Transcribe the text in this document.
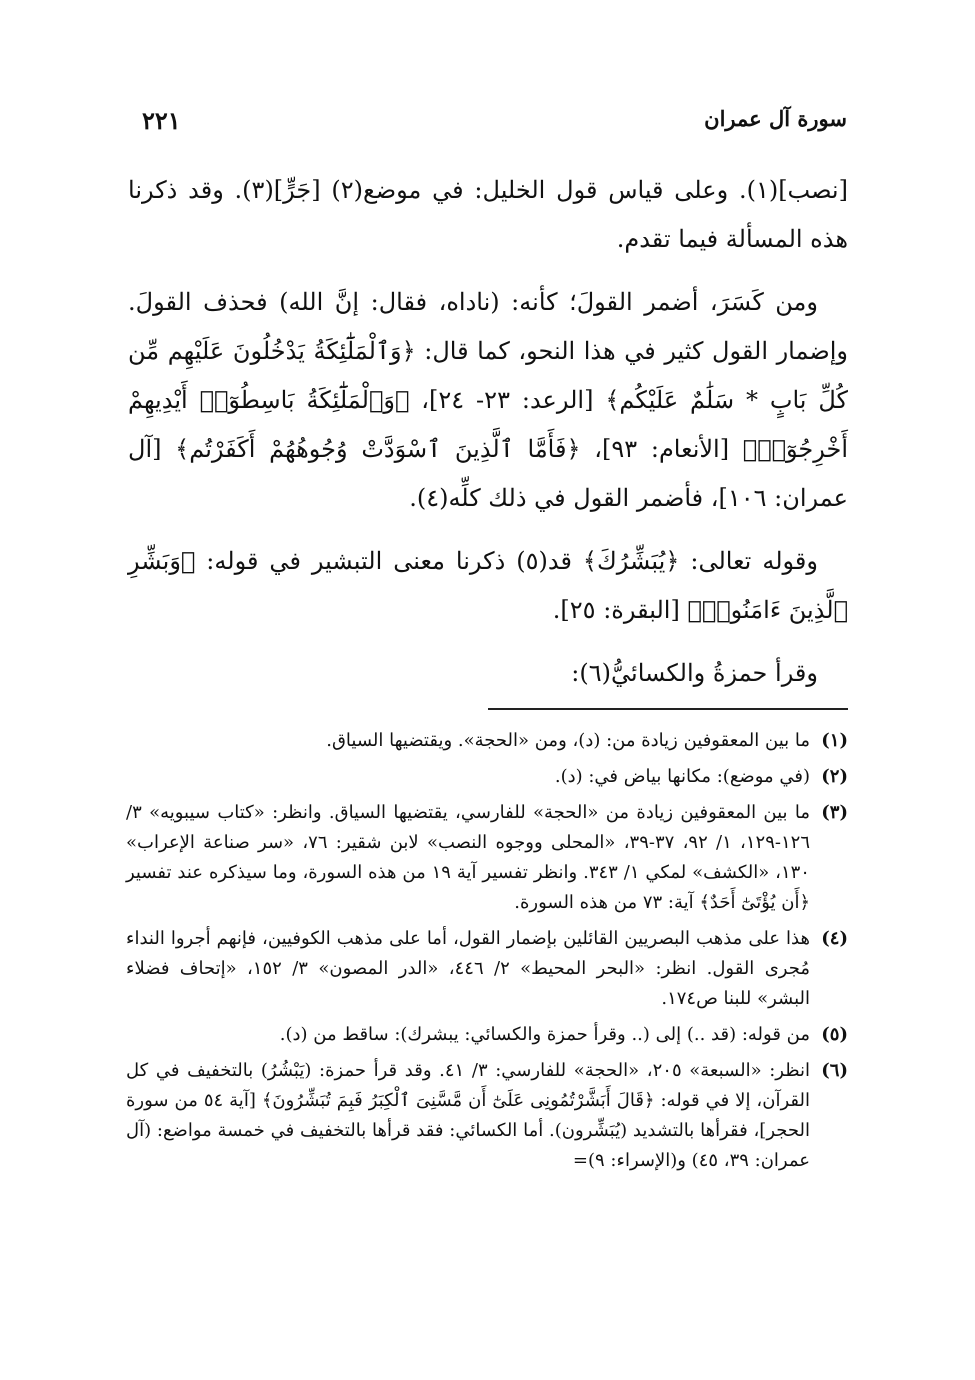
سورة آل عمران
٢٢١

[نصب](١). وعلى قياس قول الخليل: في موضع(٢) [جَرٍّ](٣). وقد ذكرنا هذه المسألة فيما تقدم.

ومن كَسَرَ، أضمر القولَ؛ كأنه: (ناداه، فقال: إنَّ الله) فحذف القولَ. وإضمار القول كثير في هذا النحو، كما قال: ﴿وَٱلْمَلَٰٓئِكَةُ يَدْخُلُونَ عَلَيْهِم مِّن كُلِّ بَابٍ * سَلَٰمٌ عَلَيْكُم﴾ [الرعد: ٢٣- ٢٤]، ﴿وَٱلْمَلَٰٓئِكَةُ بَاسِطُوٓا۟ أَيْدِيهِمْ أَخْرِجُوٓا۟﴾ [الأنعام: ٩٣]، ﴿فَأَمَّا ٱلَّذِينَ ٱسْوَدَّتْ وُجُوهُهُمْ أَكَفَرْتُم﴾ [آل عمران: ١٠٦]، فأضمر القول في ذلك كلِّه(٤).

وقوله تعالى: ﴿يُبَشِّرُكَ﴾ قد(٥) ذكرنا معنى التبشير في قوله: ﴿وَبَشِّرِ ٱلَّذِينَ ءَامَنُوا۟﴾ [البقرة: ٢٥].

وقرأ حمزةُ والكسائيُّ(٦):

(١)
ما بين المعقوفين زيادة من: (د)، ومن «الحجة». ويقتضيها السياق.
(٢)
(في موضع): مكانها بياض في: (د).
(٣)
ما بين المعقوفين زيادة من «الحجة» للفارسي، يقتضيها السياق. وانظر: «كتاب سيبويه» ٣/ ١٢٦-١٢٩، ١/ ٩٢، ٣٧-٣٩، «المحلى ووجوه النصب» لابن شقير: ٧٦، «سر صناعة الإعراب» ١٣٠، «الكشف» لمكي ١/ ٣٤٣. وانظر تفسير آية ١٩ من هذه السورة، وما سيذكره عند تفسير ﴿أَن يُؤْتَىٰٓ أَحَدٌ﴾ آية: ٧٣ من هذه السورة.
(٤)
هذا على مذهب البصريين القائلين بإضمار القول، أما على مذهب الكوفيين، فإنهم أجروا النداء مُجرى القول. انظر: «البحر المحيط» ٢/ ٤٤٦، «الدر المصون» ٣/ ١٥٢، «إتحاف فضلاء البشر» للبنا ص١٧٤.
(٥)
من قوله: (قد ..) إلى (.. وقرأ حمزة والكسائي: يبشرك): ساقط من (د).
(٦)
انظر: «السبعة» ٢٠٥، «الحجة» للفارسي: ٣/ ٤١. وقد قرأ حمزة: (يَبْشُرُ) بالتخفيف في كل القرآن، إلا في قوله: ﴿قَالَ أَبَشَّرْتُمُونِى عَلَىٰٓ أَن مَّسَّنِىَ ٱلْكِبَرُ فَبِمَ تُبَشِّرُونَ﴾ [آية ٥٤ من سورة الحجر]، فقرأها بالتشديد (يُبَشِّرون). أما الكسائي: فقد قرأها بالتخفيف في خمسة مواضع: (آل عمران: ٣٩، ٤٥) و(الإسراء: ٩)=
